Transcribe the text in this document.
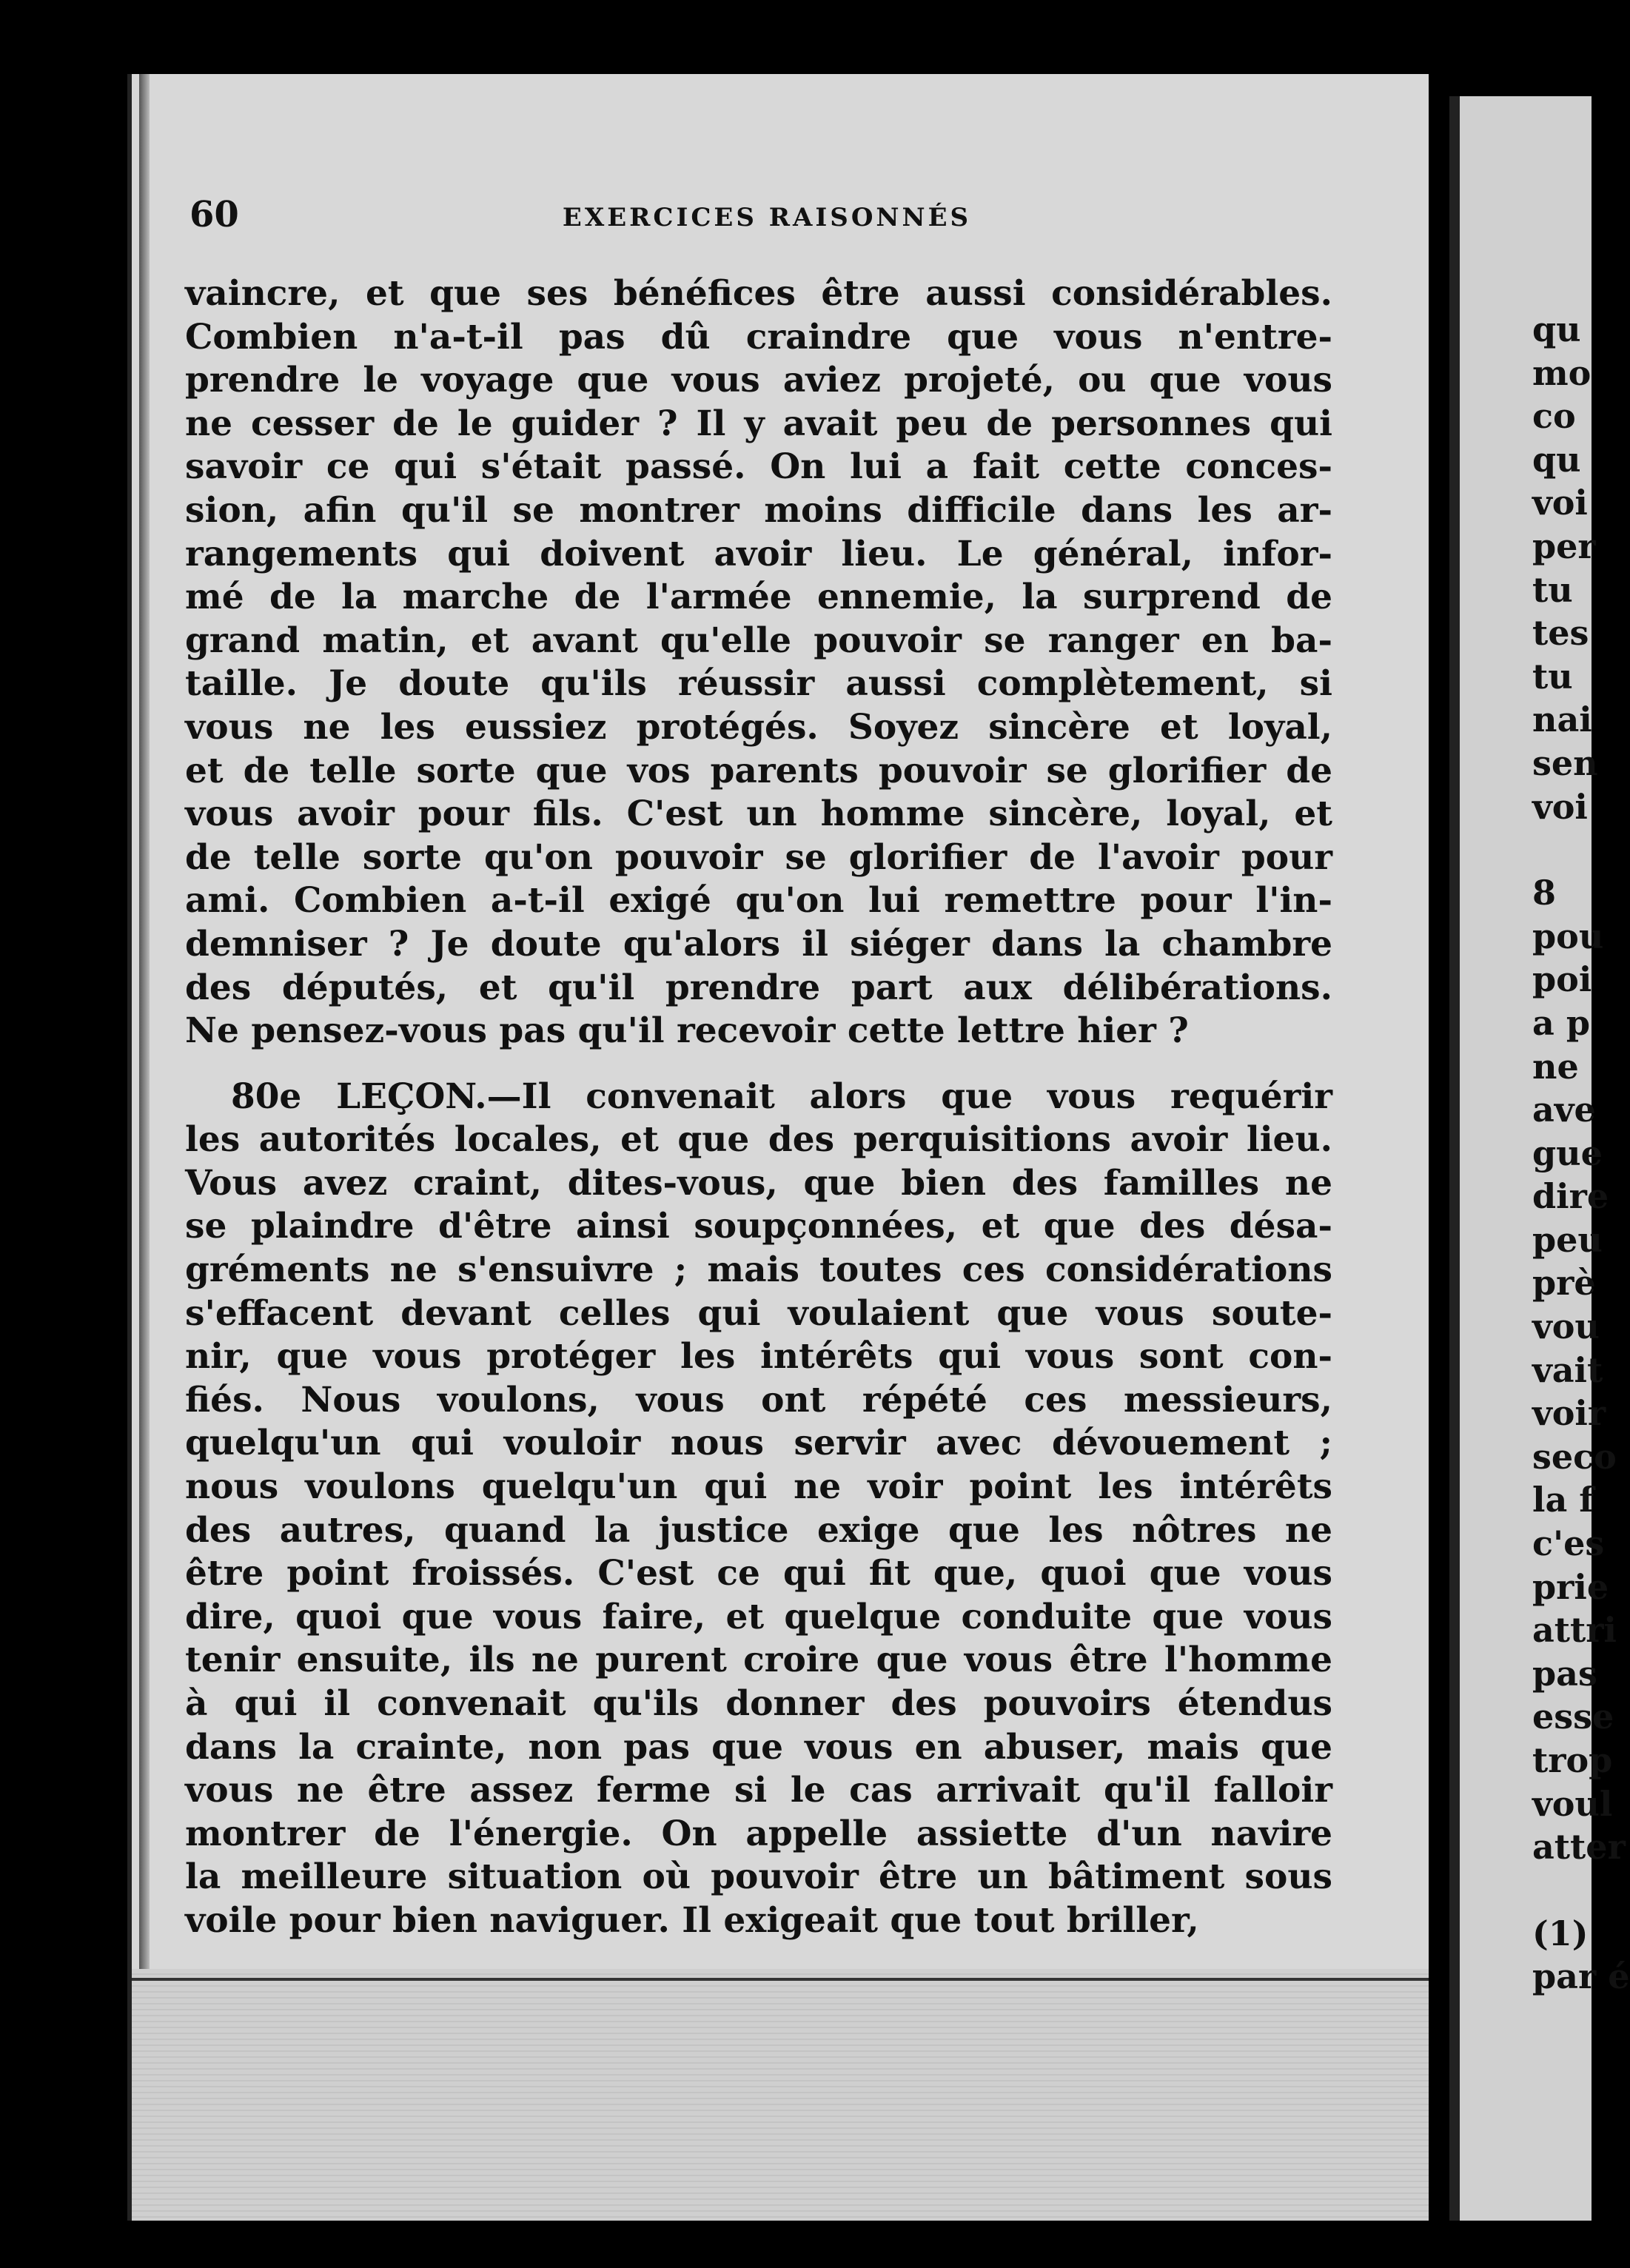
60	EXERCICES RAISONNÉS
vaincre, et que ses bénéfices être aussi considérables.
Combien n'a-t-il pas dû craindre que vous n'entre-
prendre le voyage que vous aviez projeté, ou que vous
ne cesser de le guider ? Il y avait peu de personnes qui
savoir ce qui s'était passé. On lui a fait cette conces-
sion, afin qu'il se montrer moins difficile dans les ar-
rangements qui doivent avoir lieu. Le général, infor-
mé de la marche de l'armée ennemie, la surprend de
grand matin, et avant qu'elle pouvoir se ranger en ba-
taille. Je doute qu'ils réussir aussi complètement, si
vous ne les eussiez protégés. Soyez sincère et loyal,
et de telle sorte que vos parents pouvoir se glorifier de
vous avoir pour fils. C'est un homme sincère, loyal, et
de telle sorte qu'on pouvoir se glorifier de l'avoir pour
ami. Combien a-t-il exigé qu'on lui remettre pour l'in-
demniser ? Je doute qu'alors il siéger dans la chambre
des députés, et qu'il prendre part aux délibérations.
Ne pensez-vous pas qu'il recevoir cette lettre hier ?
80e LEÇON.—Il convenait alors que vous requérir
les autorités locales, et que des perquisitions avoir lieu.
Vous avez craint, dites-vous, que bien des familles ne
se plaindre d'être ainsi soupçonnées, et que des désa-
gréments ne s'ensuivre ; mais toutes ces considérations
s'effacent devant celles qui voulaient que vous soute-
nir, que vous protéger les intérêts qui vous sont con-
fiés. Nous voulons, vous ont répété ces messieurs,
quelqu'un qui vouloir nous servir avec dévouement ;
nous voulons quelqu'un qui ne voir point les intérêts
des autres, quand la justice exige que les nôtres ne
être point froissés. C'est ce qui fit que, quoi que vous
dire, quoi que vous faire, et quelque conduite que vous
tenir ensuite, ils ne purent croire que vous être l'homme
à qui il convenait qu'ils donner des pouvoirs étendus
dans la crainte, non pas que vous en abuser, mais que
vous ne être assez ferme si le cas arrivait qu'il falloir
montrer de l'énergie. On appelle assiette d'un navire
la meilleure situation où pouvoir être un bâtiment sous
voile pour bien naviguer. Il exigeait que tout briller,
qu
mo
co
qu
voi
per
tu
tes
tu
nai
sen
voi
8
pou
poi
a p
ne
ave
gue
dire
peu
prè
vou
vait
voir
seco
la f
c'es
prie
attri
pas
esse
trop
voul
atter
(1)
par é
